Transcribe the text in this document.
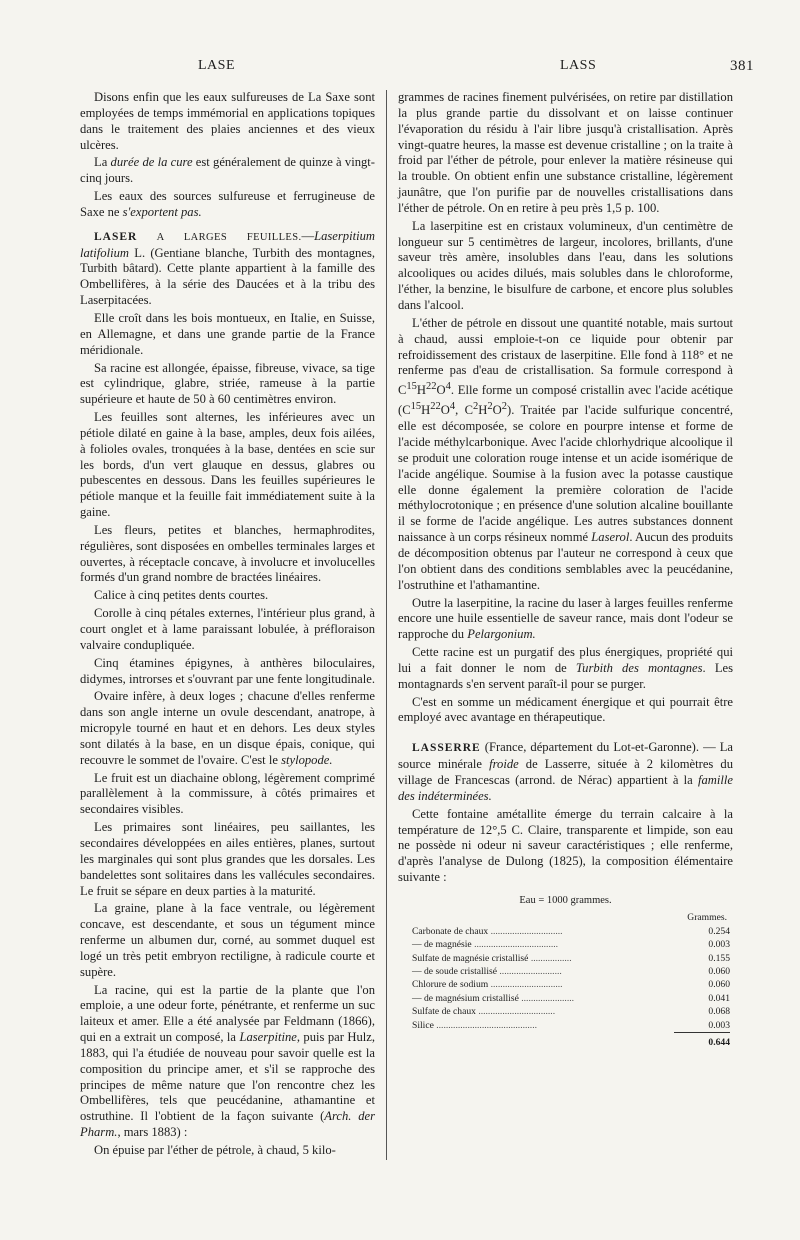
LASE	LASS	381

Disons enfin que les eaux sulfureuses de La Saxe sont employées de temps immémorial en applications topiques dans le traitement des plaies anciennes et des vieux ulcères.

La durée de la cure est généralement de quinze à vingt-cinq jours.

Les eaux des sources sulfureuse et ferrugineuse de Saxe ne s'exportent pas.

LASER A LARGES FEUILLES.—Laserpitium latifolium L. (Gentiane blanche, Turbith des montagnes, Turbith bâtard). Cette plante appartient à la famille des Ombellifères, à la série des Daucées et à la tribu des Laserpitacées.

Elle croît dans les bois montueux, en Italie, en Suisse, en Allemagne, et dans une grande partie de la France méridionale.

Sa racine est allongée, épaisse, fibreuse, vivace, sa tige est cylindrique, glabre, striée, rameuse à la partie supérieure et haute de 50 à 60 centimètres environ.

Les feuilles sont alternes, les inférieures avec un pétiole dilaté en gaine à la base, amples, deux fois ailées, à folioles ovales, tronquées à la base, dentées en scie sur les bords, d'un vert glauque en dessus, glabres ou pubescentes en dessous. Dans les feuilles supérieures le pétiole manque et la feuille fait immédiatement suite à la gaine.

Les fleurs, petites et blanches, hermaphrodites, régulières, sont disposées en ombelles terminales larges et ouvertes, à réceptacle concave, à involucre et involucelles formés d'un grand nombre de bractées linéaires.

Calice à cinq petites dents courtes.

Corolle à cinq pétales externes, l'intérieur plus grand, à court onglet et à lame paraissant lobulée, à préfloraison valvaire condupliquée.

Cinq étamines épigynes, à anthères biloculaires, didymes, introrses et s'ouvrant par une fente longitudinale.

Ovaire infère, à deux loges ; chacune d'elles renferme dans son angle interne un ovule descendant, anatrope, à micropyle tourné en haut et en dehors. Les deux styles sont dilatés à la base, en un disque épais, conique, qui recouvre le sommet de l'ovaire. C'est le stylopode.

Le fruit est un diachaine oblong, légèrement comprimé parallèlement à la commissure, à côtés primaires et secondaires visibles.

Les primaires sont linéaires, peu saillantes, les secondaires développées en ailes entières, planes, surtout les marginales qui sont plus grandes que les dorsales. Les bandelettes sont solitaires dans les vallécules secondaires. Le fruit se sépare en deux parties à la maturité.

La graine, plane à la face ventrale, ou légèrement concave, est descendante, et sous un tégument mince renferme un albumen dur, corné, au sommet duquel est logé un très petit embryon rectiligne, à radicule courte et supère.

La racine, qui est la partie de la plante que l'on emploie, a une odeur forte, pénétrante, et renferme un suc laiteux et amer. Elle a été analysée par Feldmann (1866), qui en a extrait un composé, la Laserpitine, puis par Hulz, 1883, qui l'a étudiée de nouveau pour savoir quelle est la composition du principe amer, et s'il se rapproche des principes de même nature que l'on rencontre chez les Ombellifères, tels que peucédanine, athamantine et ostruthine. Il l'obtient de la façon suivante (Arch. der Pharm., mars 1883) :

On épuise par l'éther de pétrole, à chaud, 5 kilo-

grammes de racines finement pulvérisées, on retire par distillation la plus grande partie du dissolvant et on laisse continuer l'évaporation du résidu à l'air libre jusqu'à cristallisation. Après vingt-quatre heures, la masse est devenue cristalline ; on la traite à froid par l'éther de pétrole, pour enlever la matière résineuse qui la trouble. On obtient enfin une substance cristalline, légèrement jaunâtre, que l'on purifie par de nouvelles cristallisations dans l'éther de pétrole. On en retire à peu près 1,5 p. 100.

La laserpitine est en cristaux volumineux, d'un centimètre de longueur sur 5 centimètres de largeur, incolores, brillants, d'une saveur très amère, insolubles dans l'eau, dans les solutions alcooliques ou acides dilués, mais solubles dans le chloroforme, l'éther, la benzine, le bisulfure de carbone, et encore plus solubles dans l'alcool.

L'éther de pétrole en dissout une quantité notable, mais surtout à chaud, aussi emploie-t-on ce liquide pour obtenir par refroidissement des cristaux de laserpitine. Elle fond à 118° et ne renferme pas d'eau de cristallisation. Sa formule correspond à $C^{15}H^{22}O^4$. Elle forme un composé cristallin avec l'acide acétique ($C^{15}H^{22}O^4$, $C^2H^2O^2$). Traitée par l'acide sulfurique concentré, elle est décomposée, se colore en pourpre intense et forme de l'acide méthylcarbonique. Avec l'acide chlorhydrique alcoolique il se produit une coloration rouge intense et un acide isomérique de l'acide angélique. Soumise à la fusion avec la potasse caustique elle donne également la première coloration de l'acide méthylocrotonique ; en présence d'une solution alcaline bouillante il se forme de l'acide angélique. Les autres substances donnent naissance à un corps résineux nommé Laserol. Aucun des produits de décomposition obtenus par l'auteur ne correspond à ceux que l'on obtient dans des conditions semblables avec la peucédanine, l'ostruthine et l'athamantine.

Outre la laserpitine, la racine du laser à larges feuilles renferme encore une huile essentielle de saveur rance, mais dont l'odeur se rapproche du Pelargonium.

Cette racine est un purgatif des plus énergiques, propriété qui lui a fait donner le nom de Turbith des montagnes. Les montagnards s'en servent paraît-il pour se purger.

C'est en somme un médicament énergique et qui pourrait être employé avec avantage en thérapeutique.

LASSERRE (France, département du Lot-et-Garonne). — La source minérale froide de Lasserre, située à 2 kilomètres du village de Francescas (arrond. de Nérac) appartient à la famille des indéterminées.

Cette fontaine amétallite émerge du terrain calcaire à la température de 12°,5 C. Claire, transparente et limpide, son eau ne possède ni odeur ni saveur caractéristiques ; elle renferme, d'après l'analyse de Dulong (1825), la composition élémentaire suivante :

Eau = 1000 grammes.
Grammes.
Carbonate de chaux ..............................	0.254
— de magnésie ...................................	0.003
Sulfate de magnésie cristallisé .................	0.155
— de soude cristallisé ..........................	0.060
Chlorure de sodium ..............................	0.060
— de magnésium cristallisé ......................	0.041
Sulfate de chaux ................................	0.068
Silice ..........................................	0.003
	0.644
